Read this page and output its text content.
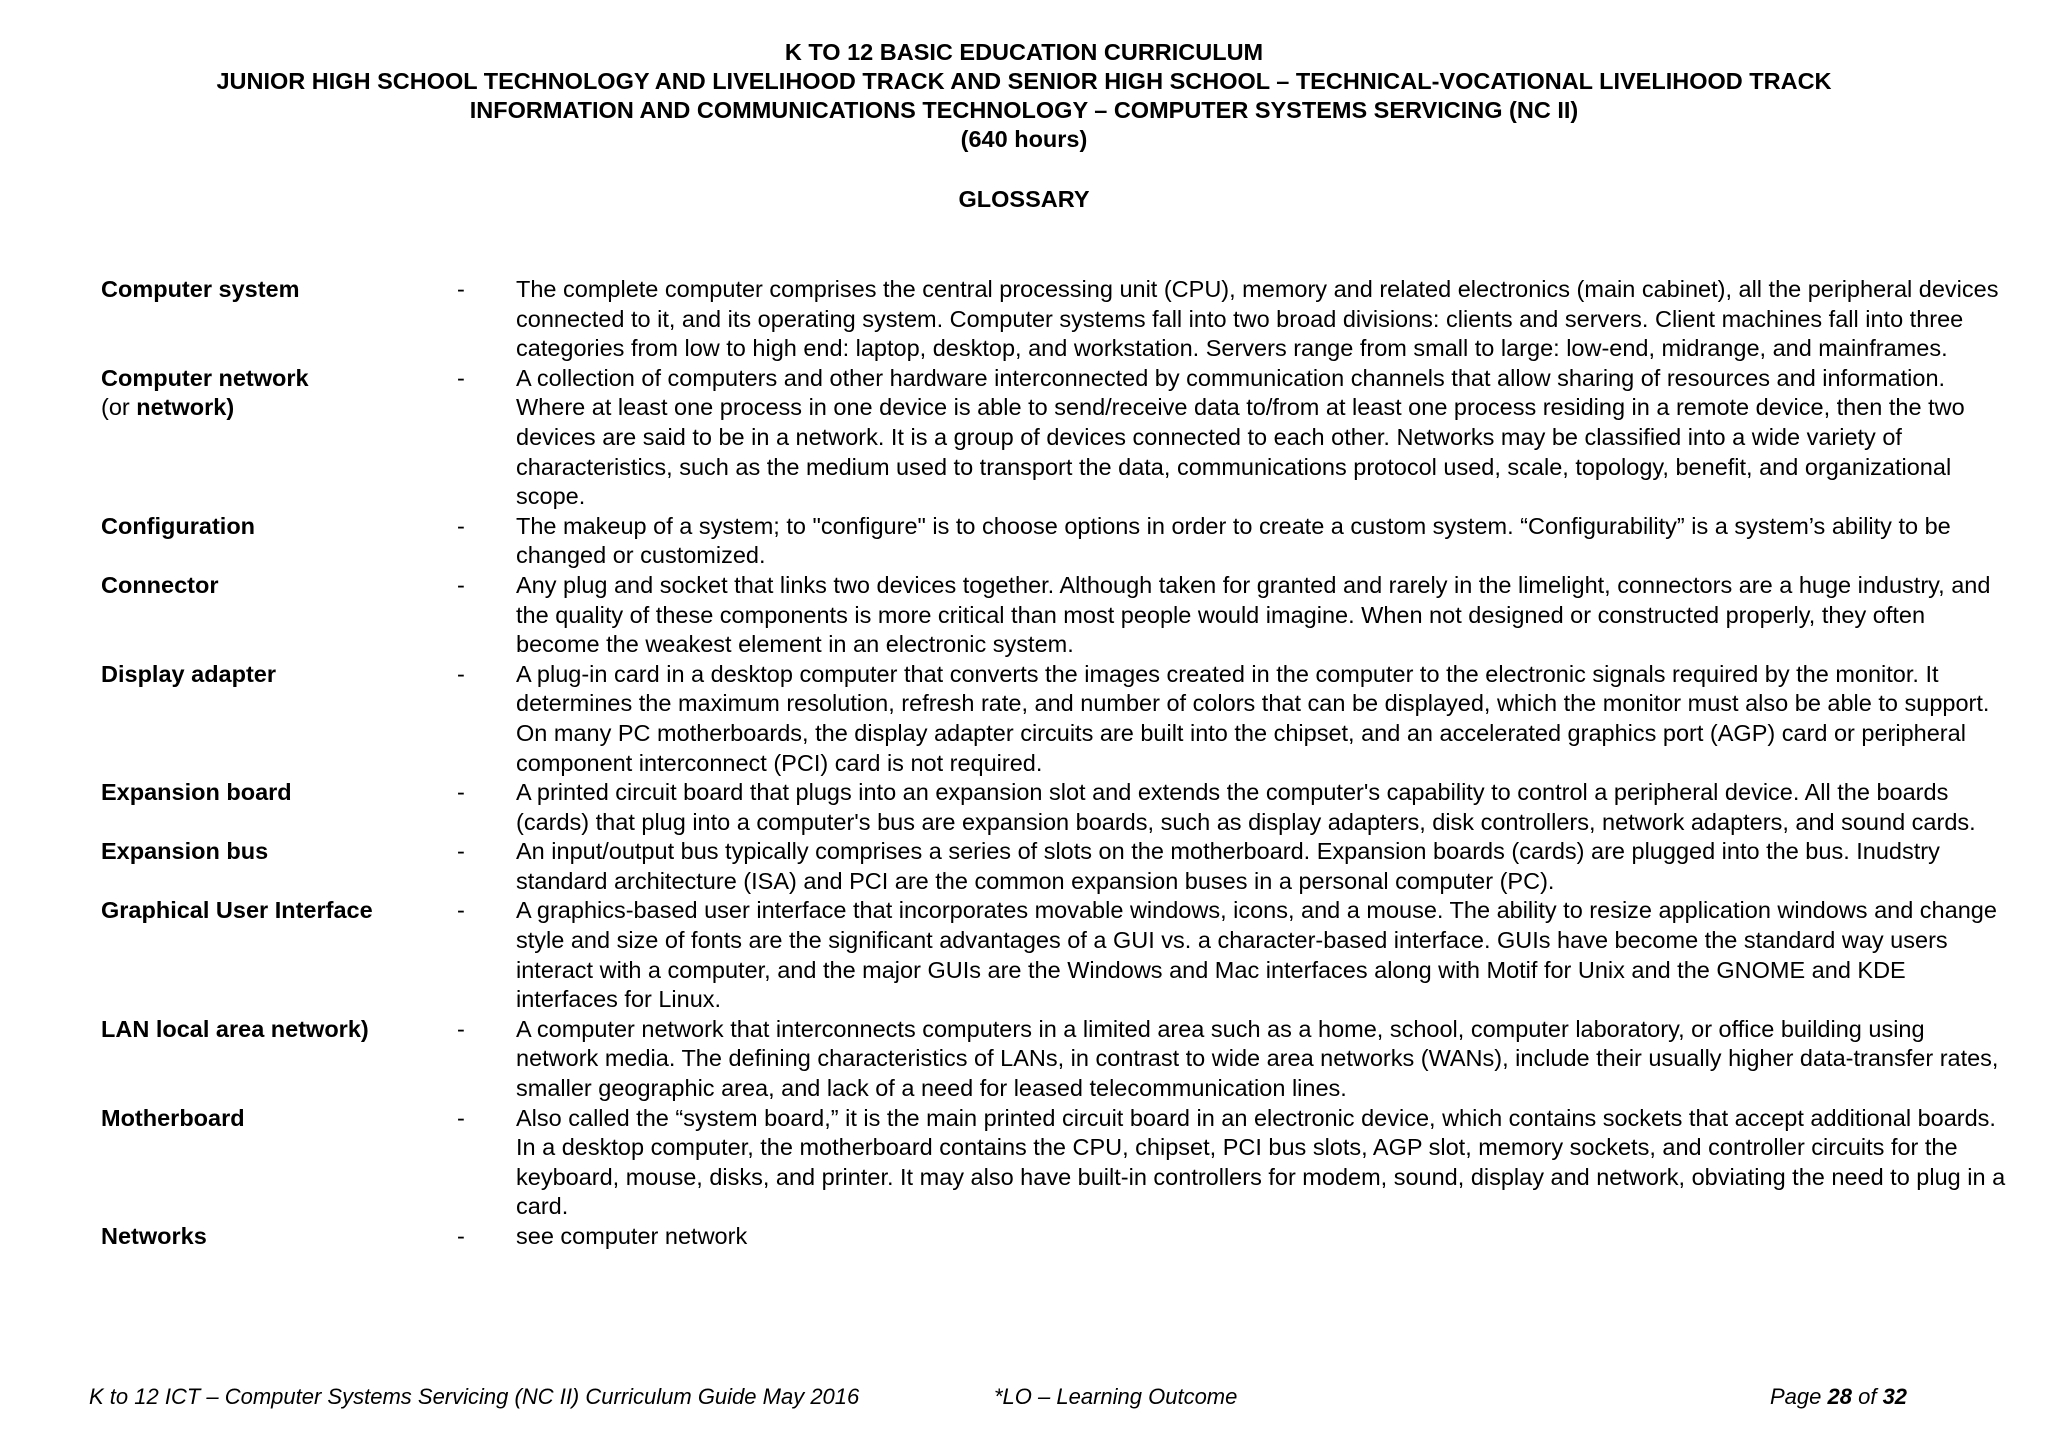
K TO 12 BASIC EDUCATION CURRICULUM
JUNIOR HIGH SCHOOL TECHNOLOGY AND LIVELIHOOD TRACK AND SENIOR HIGH SCHOOL – TECHNICAL-VOCATIONAL LIVELIHOOD TRACK
INFORMATION AND COMMUNICATIONS TECHNOLOGY – COMPUTER SYSTEMS SERVICING (NC II)
(640 hours)
GLOSSARY
Computer system	-	The complete computer comprises the central processing unit (CPU), memory and related electronics (main cabinet), all the peripheral devices connected to it, and its operating system. Computer systems fall into two broad divisions: clients and servers. Client machines fall into three categories from low to high end: laptop, desktop, and workstation. Servers range from small to large: low-end, midrange, and mainframes.
Computer network
(or network)
-	A collection of computers and other hardware interconnected by communication channels that allow sharing of resources and information. Where at least one process in one device is able to send/receive data to/from at least one process residing in a remote device, then the two devices are said to be in a network. It is a group of devices connected to each other. Networks may be classified into a wide variety of characteristics, such as the medium used to transport the data, communications protocol used, scale, topology, benefit, and organizational scope.
Configuration	-	The makeup of a system; to "configure" is to choose options in order to create a custom system. “Configurability” is a system’s ability to be changed or customized.
Connector	-	Any plug and socket that links two devices together. Although taken for granted and rarely in the limelight, connectors are a huge industry, and the quality of these components is more critical than most people would imagine. When not designed or constructed properly, they often become the weakest element in an electronic system.
Display adapter	-	A plug-in card in a desktop computer that converts the images created in the computer to the electronic signals required by the monitor. It determines the maximum resolution, refresh rate, and number of colors that can be displayed, which the monitor must also be able to support. On many PC motherboards, the display adapter circuits are built into the chipset, and an accelerated graphics port (AGP) card or peripheral component interconnect (PCI) card is not required.
Expansion board	-	A printed circuit board that plugs into an expansion slot and extends the computer's capability to control a peripheral device. All the boards (cards) that plug into a computer's bus are expansion boards, such as display adapters, disk controllers, network adapters, and sound cards.
Expansion bus	-	An input/output bus typically comprises a series of slots on the motherboard. Expansion boards (cards) are plugged into the bus. Inudstry standard architecture (ISA) and PCI are the common expansion buses in a personal computer (PC).
Graphical User Interface	-	A graphics-based user interface that incorporates movable windows, icons, and a mouse. The ability to resize application windows and change style and size of fonts are the significant advantages of a GUI vs. a character-based interface. GUIs have become the standard way users interact with a computer, and the major GUIs are the Windows and Mac interfaces along with Motif for Unix and the GNOME and KDE interfaces for Linux.
LAN local area network)	-	A computer network that interconnects computers in a limited area such as a home, school, computer laboratory, or office building using network media. The defining characteristics of LANs, in contrast to wide area networks (WANs), include their usually higher data-transfer rates, smaller geographic area, and lack of a need for leased telecommunication lines.
Motherboard	-	Also called the “system board,” it is the main printed circuit board in an electronic device, which contains sockets that accept additional boards. In a desktop computer, the motherboard contains the CPU, chipset, PCI bus slots, AGP slot, memory sockets, and controller circuits for the keyboard, mouse, disks, and printer. It may also have built-in controllers for modem, sound, display and network, obviating the need to plug in a card.
Networks	-	see computer network
K to 12 ICT – Computer Systems Servicing (NC II) Curriculum Guide May 2016	*LO – Learning Outcome	Page 28 of 32
